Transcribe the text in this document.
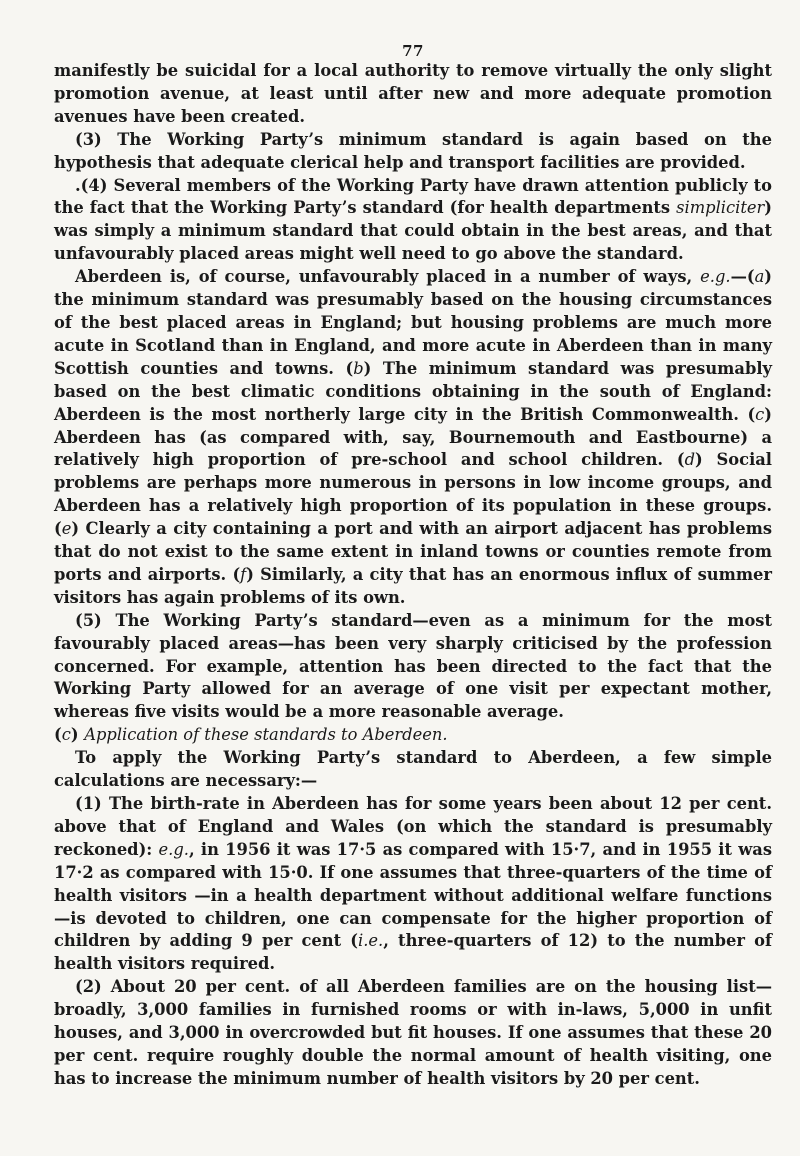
77

manifestly be suicidal for a local authority to remove virtually the only slight promotion avenue, at least until after new and more adequate promotion avenues have been created.

(3) The Working Party’s minimum standard is again based on the hypothesis that adequate clerical help and transport facilities are provided.

.(4) Several members of the Working Party have drawn attention publicly to the fact that the Working Party’s standard (for health departments simpliciter) was simply a minimum standard that could obtain in the best areas, and that unfavourably placed areas might well need to go above the standard.

Aberdeen is, of course, unfavourably placed in a number of ways, e.g.—(a) the minimum standard was presumably based on the housing circumstances of the best placed areas in England; but housing problems are much more acute in Scotland than in England, and more acute in Aberdeen than in many Scottish counties and towns. (b) The minimum standard was presumably based on the best climatic conditions obtaining in the south of England: Aberdeen is the most northerly large city in the British Commonwealth. (c) Aberdeen has (as compared with, say, Bournemouth and Eastbourne) a relatively high proportion of pre-school and school children. (d) Social problems are perhaps more numerous in persons in low income groups, and Aberdeen has a relatively high proportion of its population in these groups. (e) Clearly a city containing a port and with an airport adjacent has problems that do not exist to the same extent in inland towns or counties remote from ports and airports. (f) Similarly, a city that has an enormous influx of summer visitors has again problems of its own.

(5) The Working Party’s standard—even as a minimum for the most favourably placed areas—has been very sharply criticised by the profession concerned. For example, attention has been directed to the fact that the Working Party allowed for an average of one visit per expectant mother, whereas five visits would be a more reasonable average.

(c) Application of these standards to Aberdeen.

To apply the Working Party’s standard to Aberdeen, a few simple calculations are necessary:—

(1) The birth-rate in Aberdeen has for some years been about 12 per cent. above that of England and Wales (on which the standard is presumably reckoned): e.g., in 1956 it was 17·5 as compared with 15·7, and in 1955 it was 17·2 as compared with 15·0. If one assumes that three-quarters of the time of health visitors —in a health department without additional welfare functions—is devoted to children, one can compensate for the higher proportion of children by adding 9 per cent (i.e., three-quarters of 12) to the number of health visitors required.

(2) About 20 per cent. of all Aberdeen families are on the housing list— broadly, 3,000 families in furnished rooms or with in-laws, 5,000 in unfit houses, and 3,000 in overcrowded but fit houses. If one assumes that these 20 per cent. require roughly double the normal amount of health visiting, one has to increase the minimum number of health visitors by 20 per cent.
